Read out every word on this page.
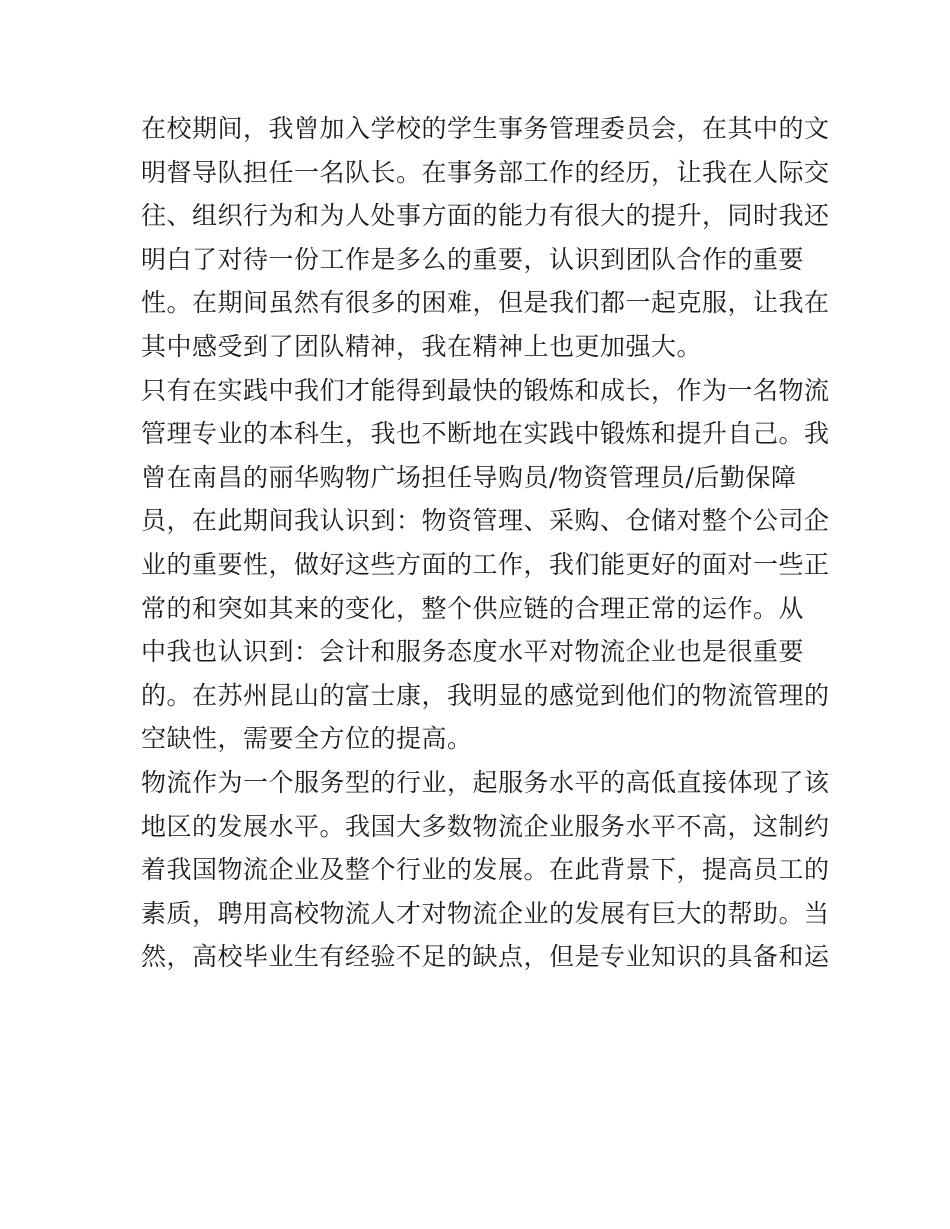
在校期间，我曾加入学校的学生事务管理委员会，在其中的文
明督导队担任一名队长。在事务部工作的经历，让我在人际交
往、组织行为和为人处事方面的能力有很大的提升，同时我还
明白了对待一份工作是多么的重要，认识到团队合作的重要
性。在期间虽然有很多的困难，但是我们都一起克服，让我在
其中感受到了团队精神，我在精神上也更加强大。
只有在实践中我们才能得到最快的锻炼和成长，作为一名物流
管理专业的本科生，我也不断地在实践中锻炼和提升自己。我
曾在南昌的丽华购物广场担任导购员/物资管理员/后勤保障
员，在此期间我认识到：物资管理、采购、仓储对整个公司企
业的重要性，做好这些方面的工作，我们能更好的面对一些正
常的和突如其来的变化，整个供应链的合理正常的运作。从
中我也认识到：会计和服务态度水平对物流企业也是很重要
的。在苏州昆山的富士康，我明显的感觉到他们的物流管理的
空缺性，需要全方位的提高。
物流作为一个服务型的行业，起服务水平的高低直接体现了该
地区的发展水平。我国大多数物流企业服务水平不高，这制约
着我国物流企业及整个行业的发展。在此背景下，提高员工的
素质，聘用高校物流人才对物流企业的发展有巨大的帮助。当
然，高校毕业生有经验不足的缺点，但是专业知识的具备和运
